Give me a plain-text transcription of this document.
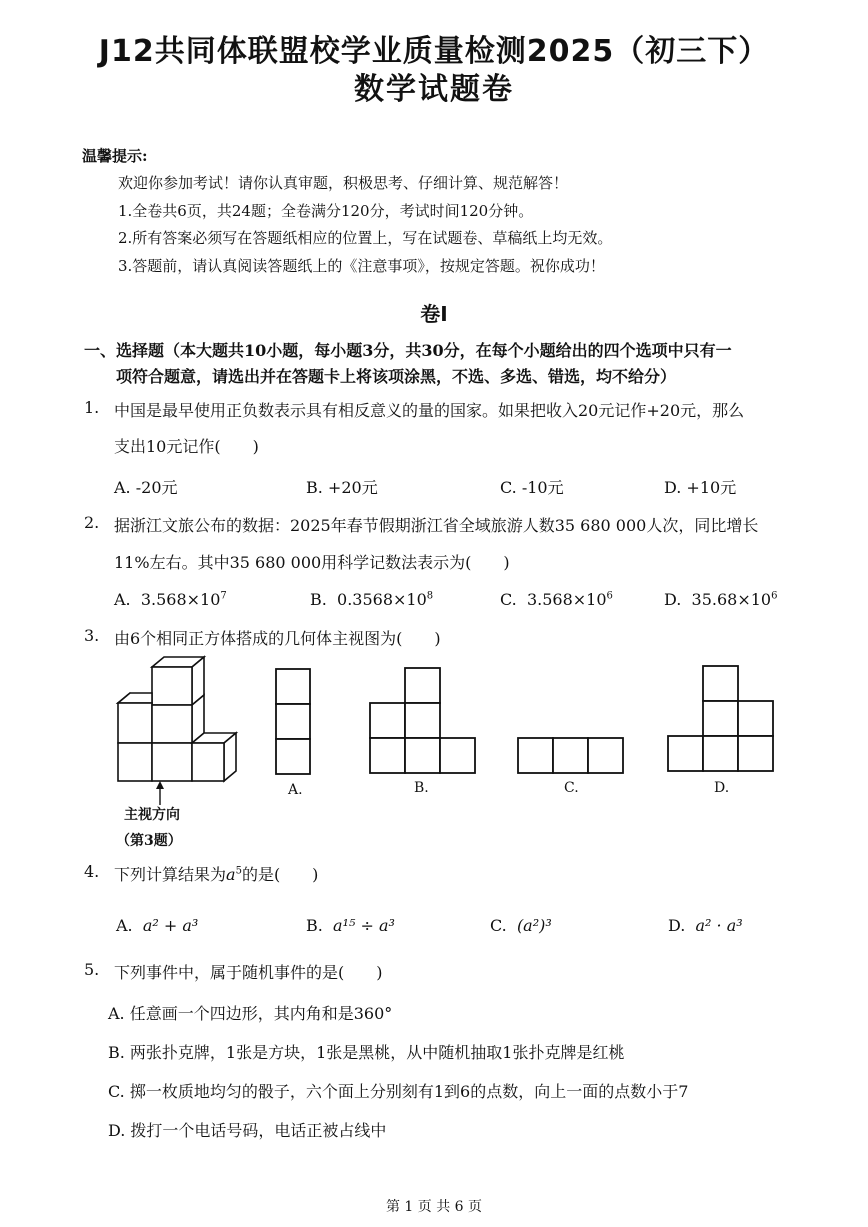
J12共同体联盟校学业质量检测2025（初三下）
数学试题卷
温馨提示:
欢迎你参加考试！请你认真审题，积极思考、仔细计算、规范解答！
1.全卷共6页，共24题；全卷满分120分，考试时间120分钟。
2.所有答案必须写在答题纸相应的位置上，写在试题卷、草稿纸上均无效。
3.答题前，请认真阅读答题纸上的《注意事项》，按规定答题。祝你成功！
卷Ⅰ
一、选择题（本大题共10小题，每小题3分，共30分，在每个小题给出的四个选项中只有一
项符合题意，请选出并在答题卡上将该项涂黑，不选、多选、错选，均不给分）
1. 中国是最早使用正负数表示具有相反意义的量的国家。如果把收入20元记作+20元，那么
支出10元记作(　　)
A. -20元	B. +20元	C. -10元	D. +10元
2. 据浙江文旅公布的数据：2025年春节假期浙江省全域旅游人数35 680 000人次，同比增长
11%左右。其中35 680 000用科学记数法表示为(　　)
A. $3.568\times 10^7$	B. $0.3568\times 10^8$	C. $3.568\times 10^6$	D. $35.68\times 10^6$
3. 由6个相同正方体搭成的几何体主视图为(　　)
主视方向
（第3题）
A.	B.	C.	D.
4. 下列计算结果为$a^5$的是(　　)
A. a² + a³	B. a¹⁵ ÷ a³	C. (a²)³	D. a² · a³
5. 下列事件中，属于随机事件的是(　　)
A. 任意画一个四边形，其内角和是360°
B. 两张扑克牌，1张是方块，1张是黑桃，从中随机抽取1张扑克牌是红桃
C. 掷一枚质地均匀的骰子，六个面上分别刻有1到6的点数，向上一面的点数小于7
D. 拨打一个电话号码，电话正被占线中
第 1 页 共 6 页
